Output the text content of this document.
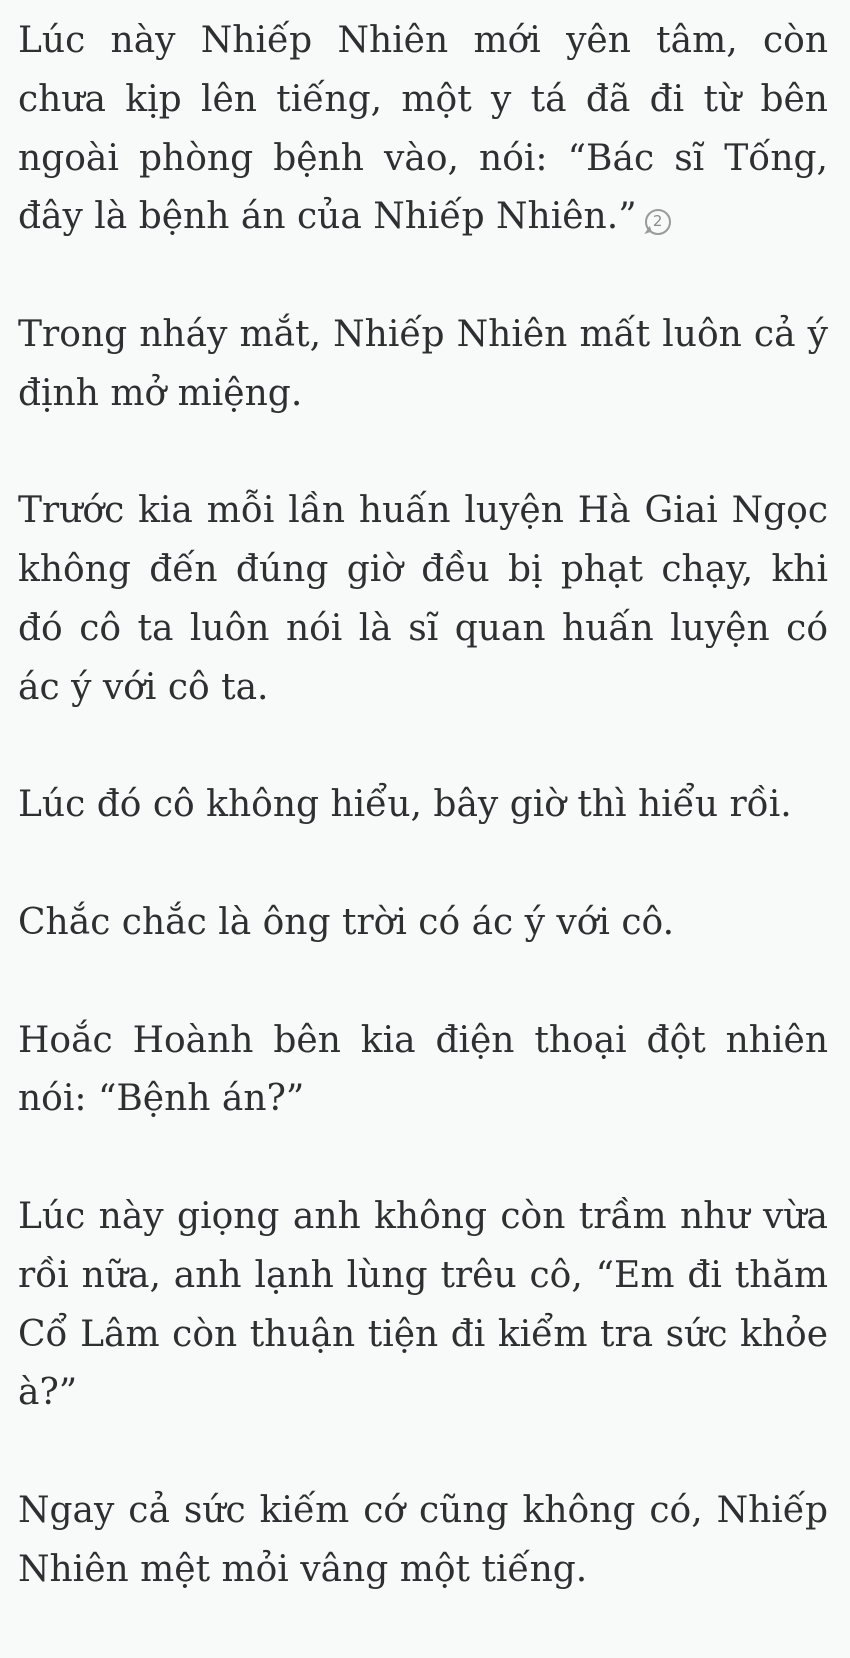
Lúc này Nhiếp Nhiên mới yên tâm, còn chưa kịp lên tiếng, một y tá đã đi từ bên ngoài phòng bệnh vào, nói: “Bác sĩ Tống, đây là bệnh án của Nhiếp Nhiên.” 2

Trong nháy mắt, Nhiếp Nhiên mất luôn cả ý định mở miệng.

Trước kia mỗi lần huấn luyện Hà Giai Ngọc không đến đúng giờ đều bị phạt chạy, khi đó cô ta luôn nói là sĩ quan huấn luyện có ác ý với cô ta.

Lúc đó cô không hiểu, bây giờ thì hiểu rồi.

Chắc chắc là ông trời có ác ý với cô.

Hoắc Hoành bên kia điện thoại đột nhiên nói: “Bệnh án?”

Lúc này giọng anh không còn trầm như vừa rồi nữa, anh lạnh lùng trêu cô, “Em đi thăm Cổ Lâm còn thuận tiện đi kiểm tra sức khỏe à?”

Ngay cả sức kiếm cớ cũng không có, Nhiếp Nhiên mệt mỏi vâng một tiếng.
